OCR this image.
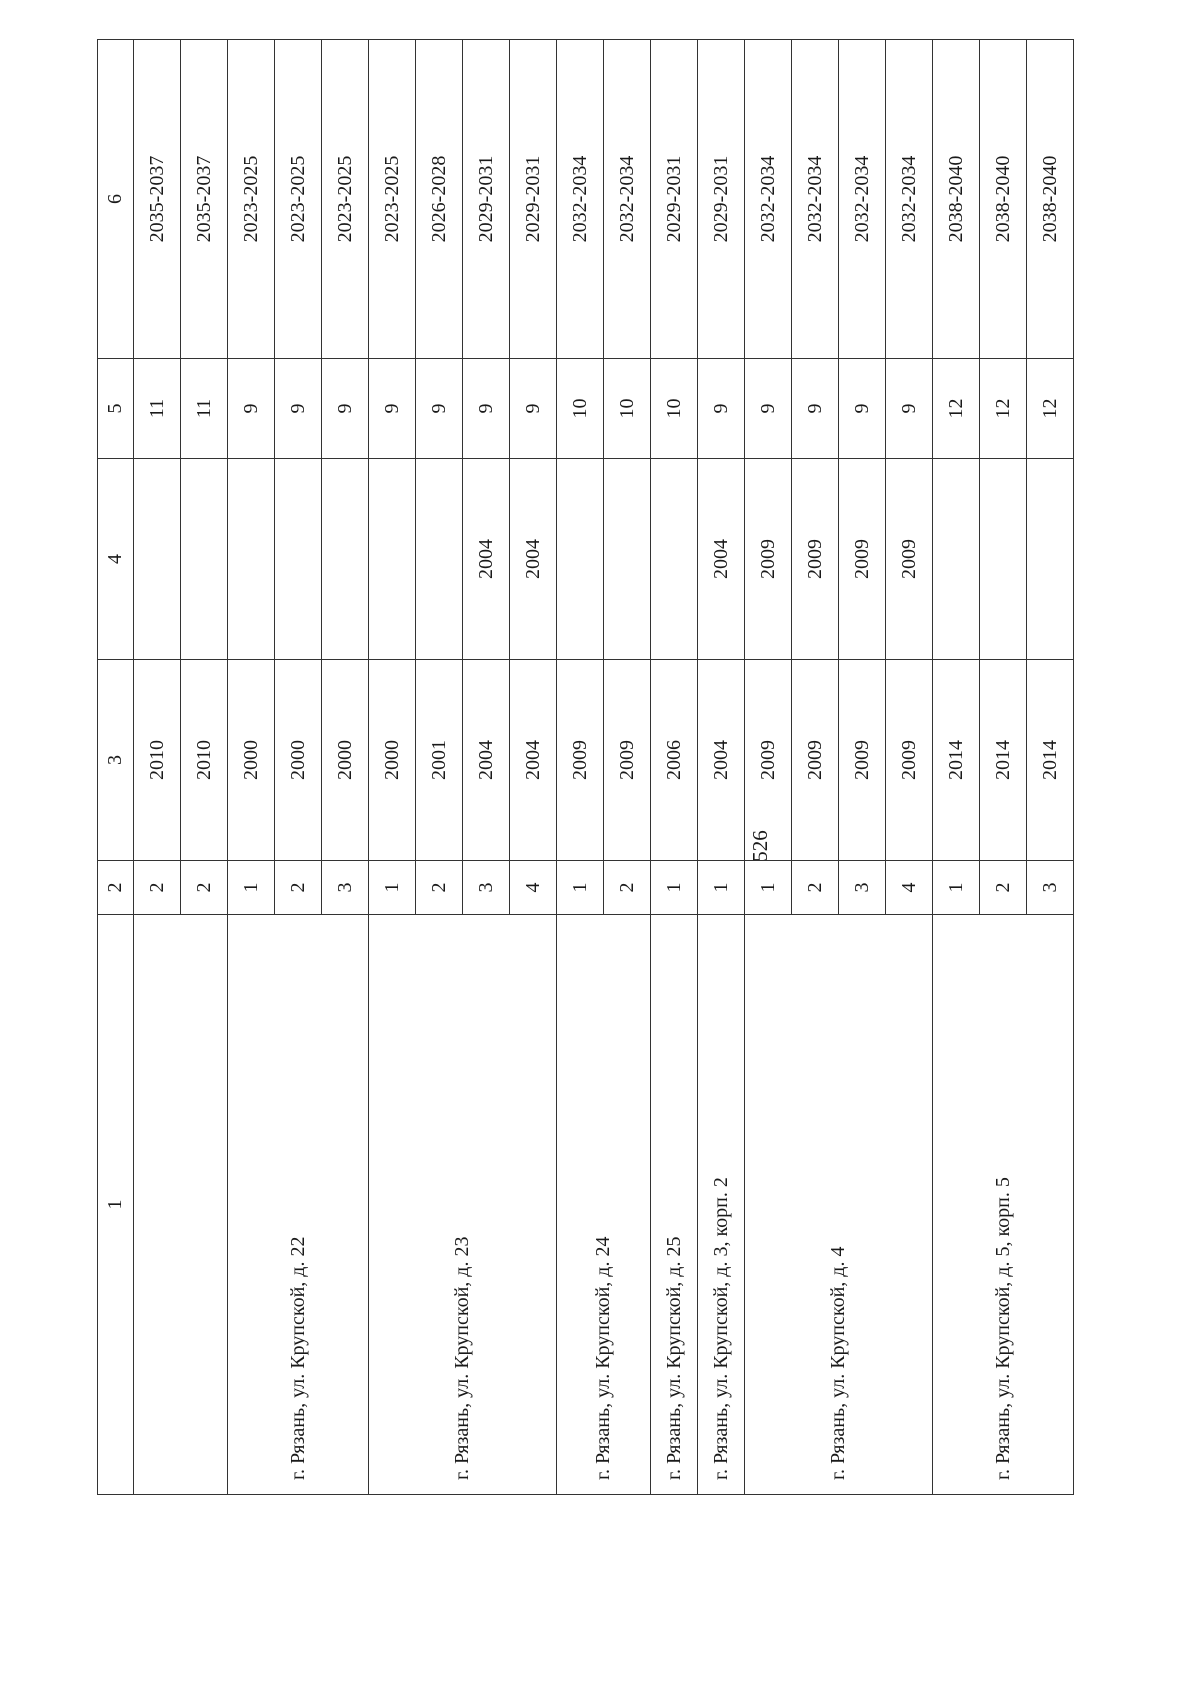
526
1	2	3	4	5	6
	2	2010		11	2035-2037
	2	2010		11	2035-2037
г. Рязань, ул. Крупской, д. 22	1	2000		9	2023-2025
	2	2000		9	2023-2025
	3	2000		9	2023-2025
г. Рязань, ул. Крупской, д. 23	1	2000		9	2023-2025
	2	2001		9	2026-2028
	3	2004	2004	9	2029-2031
	4	2004	2004	9	2029-2031
г. Рязань, ул. Крупской, д. 24	1	2009		10	2032-2034
	2	2009		10	2032-2034
г. Рязань, ул. Крупской, д. 25	1	2006		10	2029-2031
г. Рязань, ул. Крупской, д. 3, корп. 2	1	2004	2004	9	2029-2031
г. Рязань, ул. Крупской, д. 4	1	2009	2009	9	2032-2034
	2	2009	2009	9	2032-2034
	3	2009	2009	9	2032-2034
	4	2009	2009	9	2032-2034
г. Рязань, ул. Крупской, д. 5, корп. 5	1	2014		12	2038-2040
	2	2014		12	2038-2040
	3	2014		12	2038-2040
